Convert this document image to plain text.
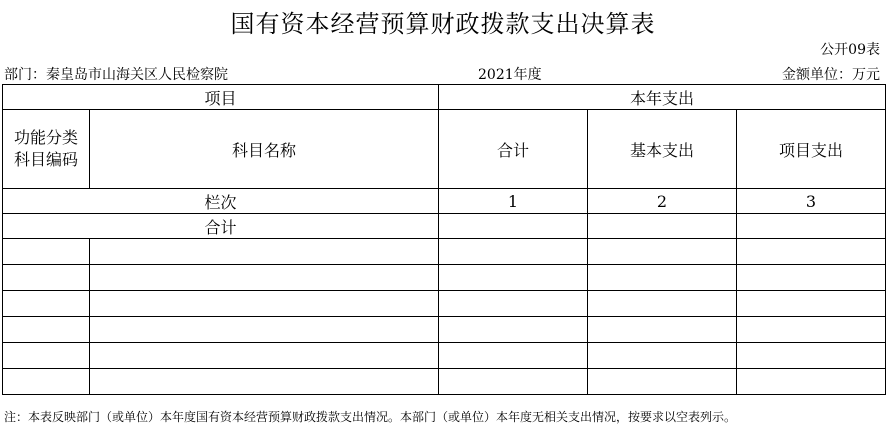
国有资本经营预算财政拨款支出决算表
公开09表
部门：秦皇岛市山海关区人民检察院	2021年度	金额单位：万元
项目		本年支出		
功能分类
科目编码	科目名称	合计	基本支出	项目支出
栏次		1	2	3
合计				

注：本表反映部门（或单位）本年度国有资本经营预算财政拨款支出情况。本部门（或单位）本年度无相关支出情况，按要求以空表列示。
